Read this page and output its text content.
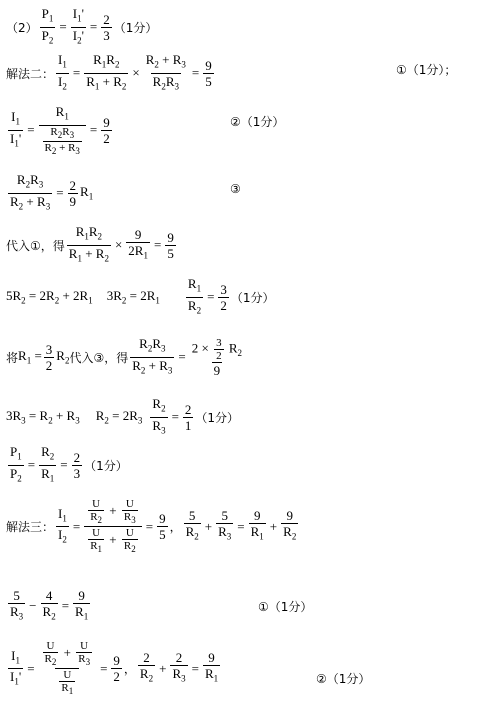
$(2) \frac{P_1}{P_2} = \frac{I_1'}{I_2'} = \frac{2}{3} (1$分）
解法二： $\frac{I_1}{I_2} = \frac{R_1R_2}{R_1 + R_2} \times \frac{R_2 + R_3}{R_2R_3} = \frac{9}{5}$	①（1分）；
$\frac{I_1}{I_1'} = \frac{R_1}{\frac{R_2R_3}{R_2 + R_3}} = \frac{9}{2}$	②（1分）
$\frac{R_2R_3}{R_2 + R_3} = \frac{2}{9} R_1$
③
代入①，得 $\frac{R_1R_2}{R_1 + R_2} \times \frac{9}{2R_1} = \frac{9}{5}$
$5R_2 = 2R_2 + 2R_1$ $3R_2 = 2R_1 \frac{R_1}{R_2} = \frac{3}{2} (1$分）
将 $R_1 = \frac{3}{2} R_2$ 代入③，得 $\frac{R_2R_3}{R_2 + R_3} = \frac{2 \times \frac{3}{2} R_2}{9}$
$3R_3 = R_2 + R_3$ $R_2 = 2R_3 \frac{R_2}{R_3} = \frac{2}{1} (1$分）
$\frac{P_1}{P_2} = \frac{R_2}{R_1} = \frac{2}{3} (1$分）
解法三： $\frac{I_1}{I_2} = \frac{\frac{U}{R_2} + \frac{U}{R_3}}{\frac{U}{R_1} + \frac{U}{R_2}} = \frac{9}{5}$ ， $\frac{5}{R_2} + \frac{5}{R_3} = \frac{9}{R_1} + \frac{9}{R_2}$
$\frac{5}{R_3} - \frac{4}{R_2} = \frac{9}{R_1}$	①（1分）
$\frac{I_1}{I_1'} = \frac{\frac{U}{R_2} + \frac{U}{R_3}}{\frac{U}{R_1}} = \frac{9}{2}$ ， $\frac{2}{R_2} + \frac{2}{R_3} = \frac{9}{R_1}$	②（1分）
